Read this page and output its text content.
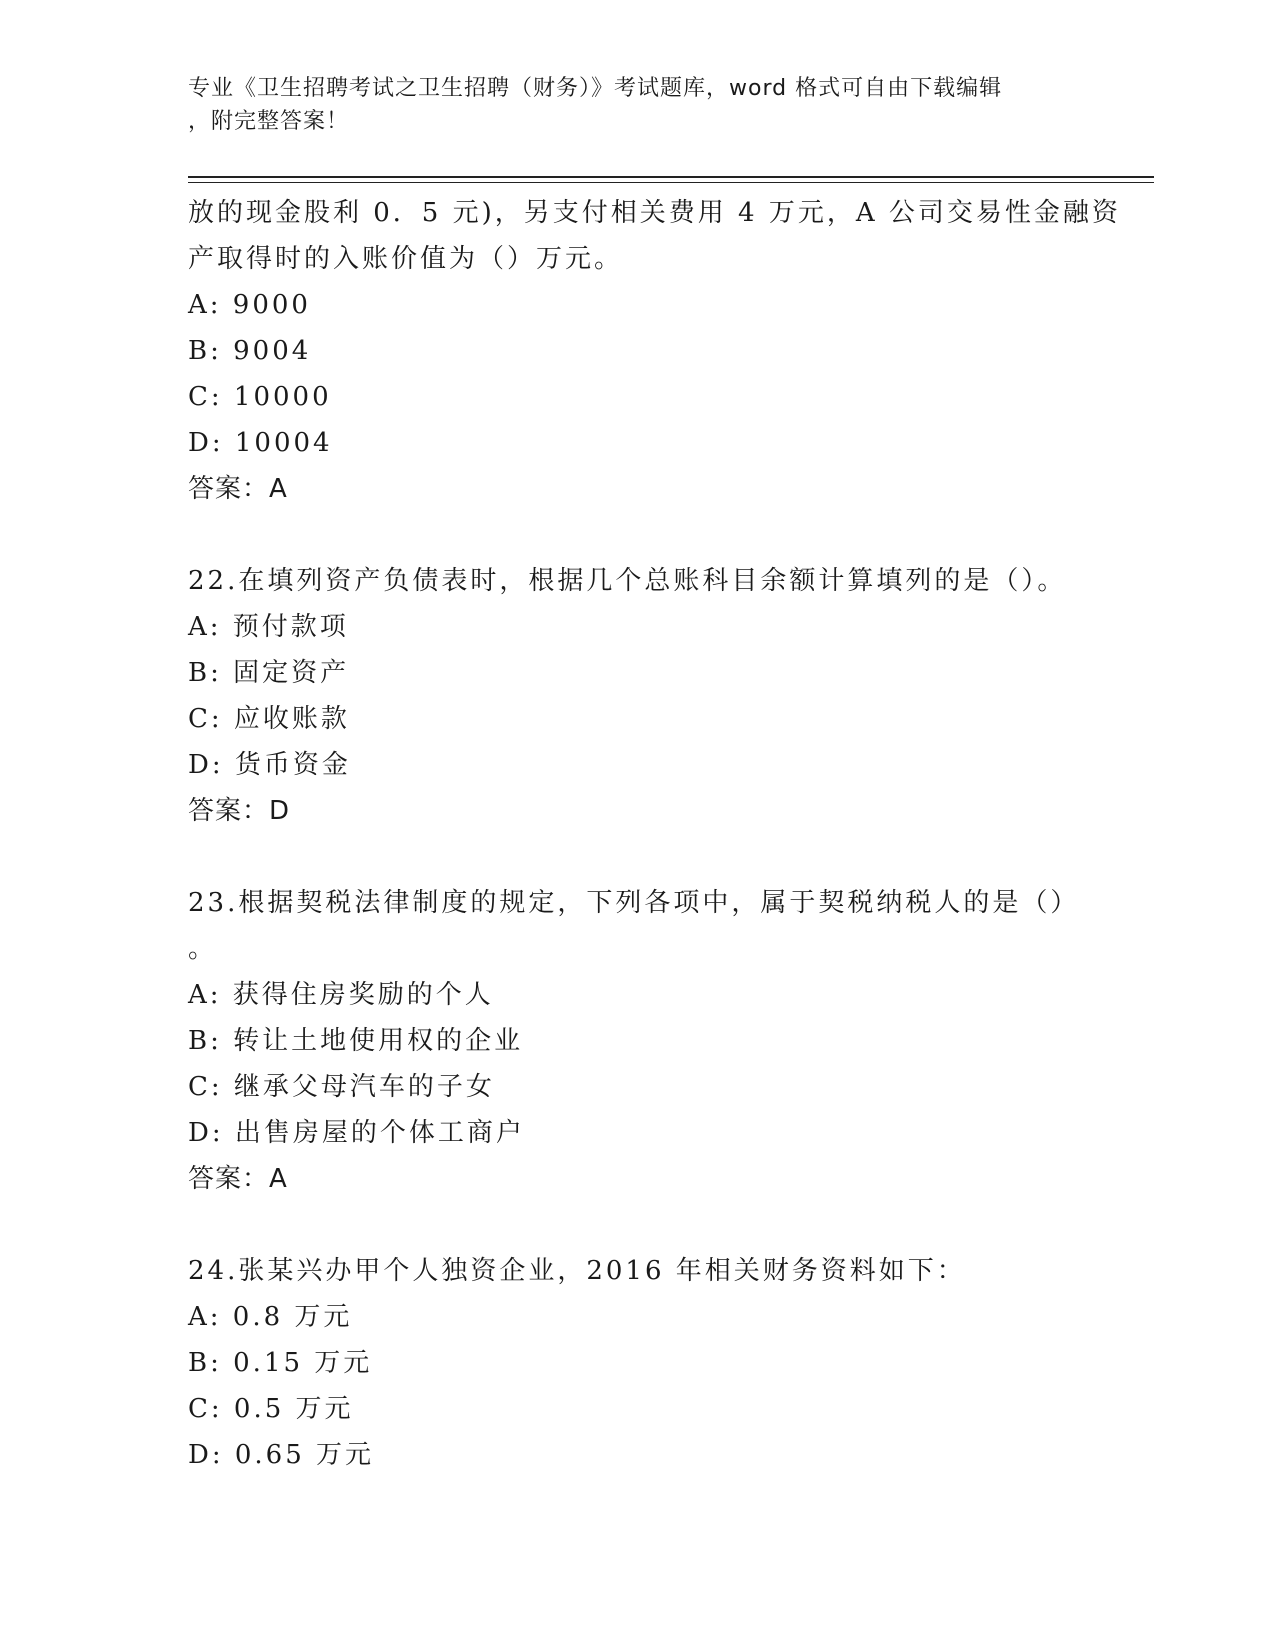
专业《卫生招聘考试之卫生招聘（财务）》考试题库，word 格式可自由下载编辑
，附完整答案！
放的现金股利 0．5 元)，另支付相关费用 4 万元，A 公司交易性金融资
产取得时的入账价值为（）万元。
A: 9000
B: 9004
C: 10000
D: 10004
答案：A
22.在填列资产负债表时，根据几个总账科目余额计算填列的是（）。
A: 预付款项
B: 固定资产
C: 应收账款
D: 货币资金
答案：D
23.根据契税法律制度的规定，下列各项中，属于契税纳税人的是（）
。
A: 获得住房奖励的个人
B: 转让土地使用权的企业
C: 继承父母汽车的子女
D: 出售房屋的个体工商户
答案：A
24.张某兴办甲个人独资企业，2016 年相关财务资料如下：
A: 0.8 万元
B: 0.15 万元
C: 0.5 万元
D: 0.65 万元
